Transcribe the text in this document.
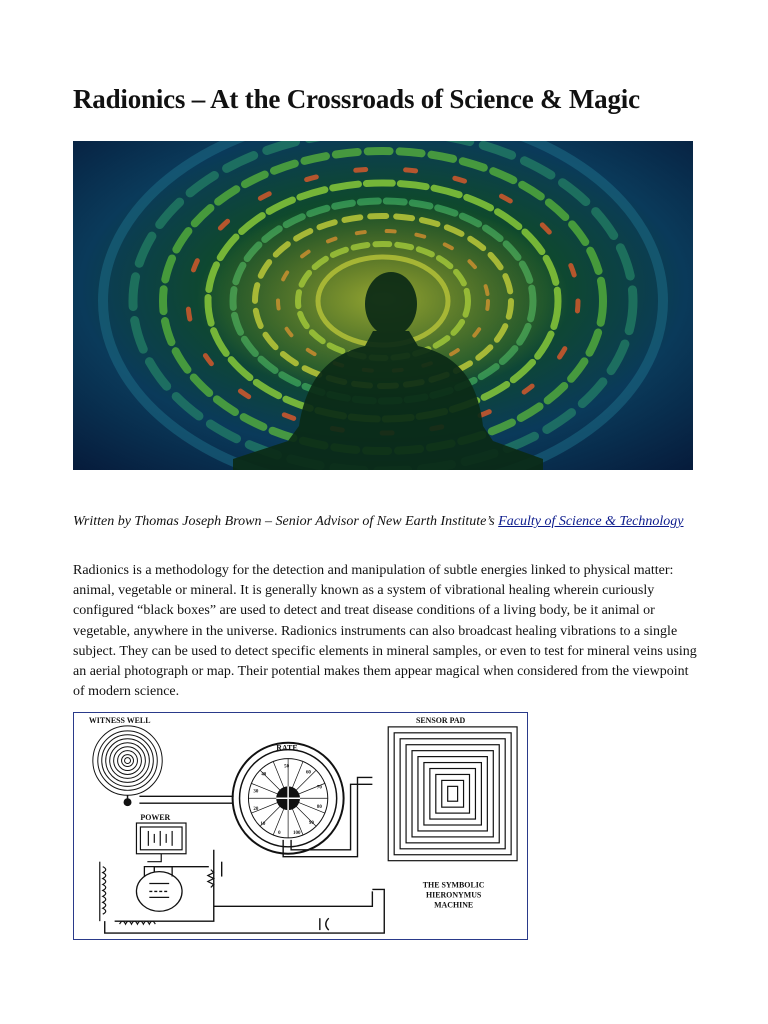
Radionics – At the Crossroads of Science & Magic

Written by Thomas Joseph Brown – Senior Advisor of New Earth Institute’s Faculty of Science & Technology

Radionics is a methodology for the detection and manipulation of subtle energies linked to physical matter: animal, vegetable or mineral. It is generally known as a system of vibrational healing wherein curiously configured “black boxes” are used to detect and treat disease conditions of a living body, be it animal or vegetable, anywhere in the universe. Radionics instruments can also broadcast healing vibrations to a single subject. They can be used to detect specific elements in mineral samples, or even to test for mineral veins using an aerial photograph or map. Their potential makes them appear magical when considered from the viewpoint of modern science.

WITNESS WELL
RATE
0
10
20
30
40
50
60
70
80
90
100
POWER
SENSOR PAD
THE SYMBOLIC
HIERONYMUS
MACHINE
